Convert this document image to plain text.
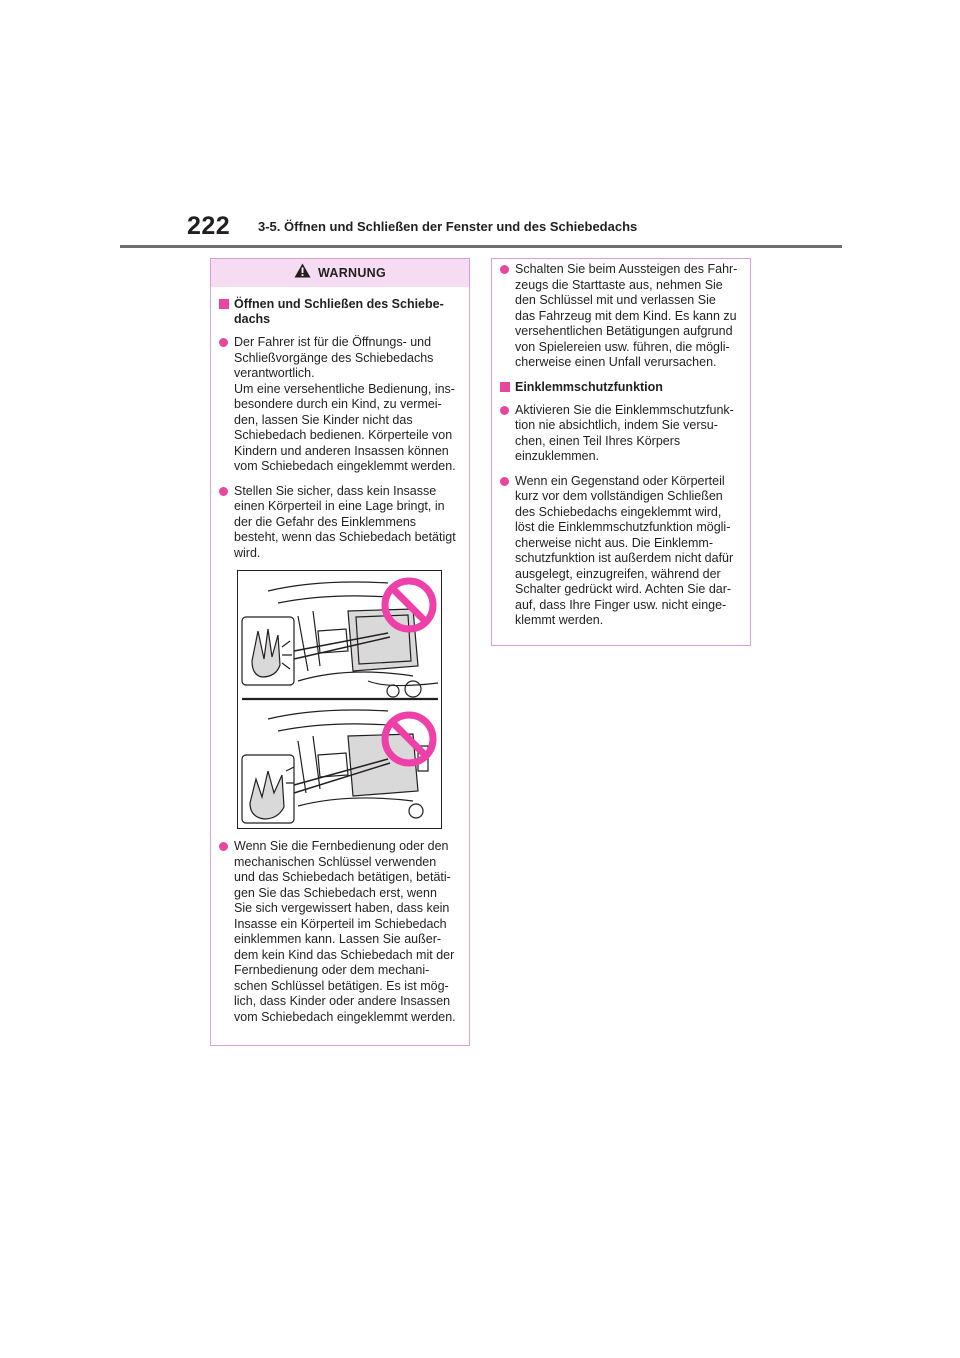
222 3-5. Öffnen und Schließen der Fenster und des Schiebedachs
WARNUNG
Öffnen und Schließen des Schiebe-
dachs
Der Fahrer ist für die Öffnungs- und
Schließvorgänge des Schiebedachs
verantwortlich.
Um eine versehentliche Bedienung, ins-
besondere durch ein Kind, zu vermei-
den, lassen Sie Kinder nicht das
Schiebedach bedienen. Körperteile von
Kindern und anderen Insassen können
vom Schiebedach eingeklemmt werden.
Stellen Sie sicher, dass kein Insasse
einen Körperteil in eine Lage bringt, in
der die Gefahr des Einklemmens
besteht, wenn das Schiebedach betätigt
wird.
Wenn Sie die Fernbedienung oder den
mechanischen Schlüssel verwenden
und das Schiebedach betätigen, betäti-
gen Sie das Schiebedach erst, wenn
Sie sich vergewissert haben, dass kein
Insasse ein Körperteil im Schiebedach
einklemmen kann. Lassen Sie außer-
dem kein Kind das Schiebedach mit der
Fernbedienung oder dem mechani-
schen Schlüssel betätigen. Es ist mög-
lich, dass Kinder oder andere Insassen
vom Schiebedach eingeklemmt werden.
Schalten Sie beim Aussteigen des Fahr-
zeugs die Starttaste aus, nehmen Sie
den Schlüssel mit und verlassen Sie
das Fahrzeug mit dem Kind. Es kann zu
versehentlichen Betätigungen aufgrund
von Spielereien usw. führen, die mögli-
cherweise einen Unfall verursachen.
Einklemmschutzfunktion
Aktivieren Sie die Einklemmschutzfunk-
tion nie absichtlich, indem Sie versu-
chen, einen Teil Ihres Körpers
einzuklemmen.
Wenn ein Gegenstand oder Körperteil
kurz vor dem vollständigen Schließen
des Schiebedachs eingeklemmt wird,
löst die Einklemmschutzfunktion mögli-
cherweise nicht aus. Die Einklemm-
schutzfunktion ist außerdem nicht dafür
ausgelegt, einzugreifen, während der
Schalter gedrückt wird. Achten Sie dar-
auf, dass Ihre Finger usw. nicht einge-
klemmt werden.
